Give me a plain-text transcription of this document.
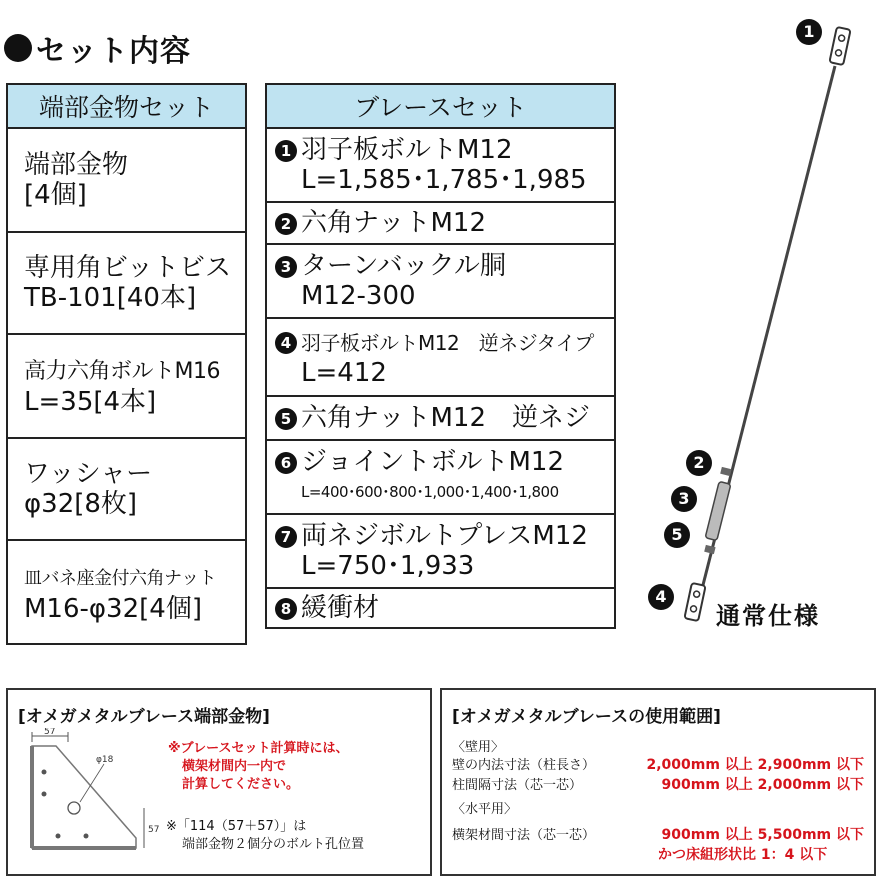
セット内容
端部金物セット
端部金物
[4個]
専用角ビットビス
TB-101[40本]
高力六角ボルトM16
L=35[4本]
ワッシャー
φ32[8枚]
皿バネ座金付六角ナット
M16-φ32[4個]
ブレースセット
1 羽子板ボルトM12
L=1,585･1,785･1,985

2 六角ナットM12
3 ターンバックル胴
M12-300

4 羽子板ボルトM12　逆ネジタイプ
L=412

5 六角ナットM12　逆ネジ
6 ジョイントボルトM12
L=400･600･800･1,000･1,400･1,800

7 両ネジボルトプレスM12
L=750･1,933

8 緩衝材
1
2
3
5
4
通常仕様
[オメガメタルブレース端部金物]
57
φ18
57
※ブレースセット計算時には、
横架材間内一内で
計算してください。
※「114（57＋57）」は
端部金物２個分のボルト孔位置
[オメガメタルブレースの使用範囲]
〈壁用〉
壁の内法寸法（柱長さ）	2,000mm 以上 2,900mm 以下
柱間隔寸法（芯一芯）	900mm 以上 2,000mm 以下
〈水平用〉
横架材間寸法（芯一芯）	900mm 以上 5,500mm 以下
かつ床組形状比 1：4 以下
